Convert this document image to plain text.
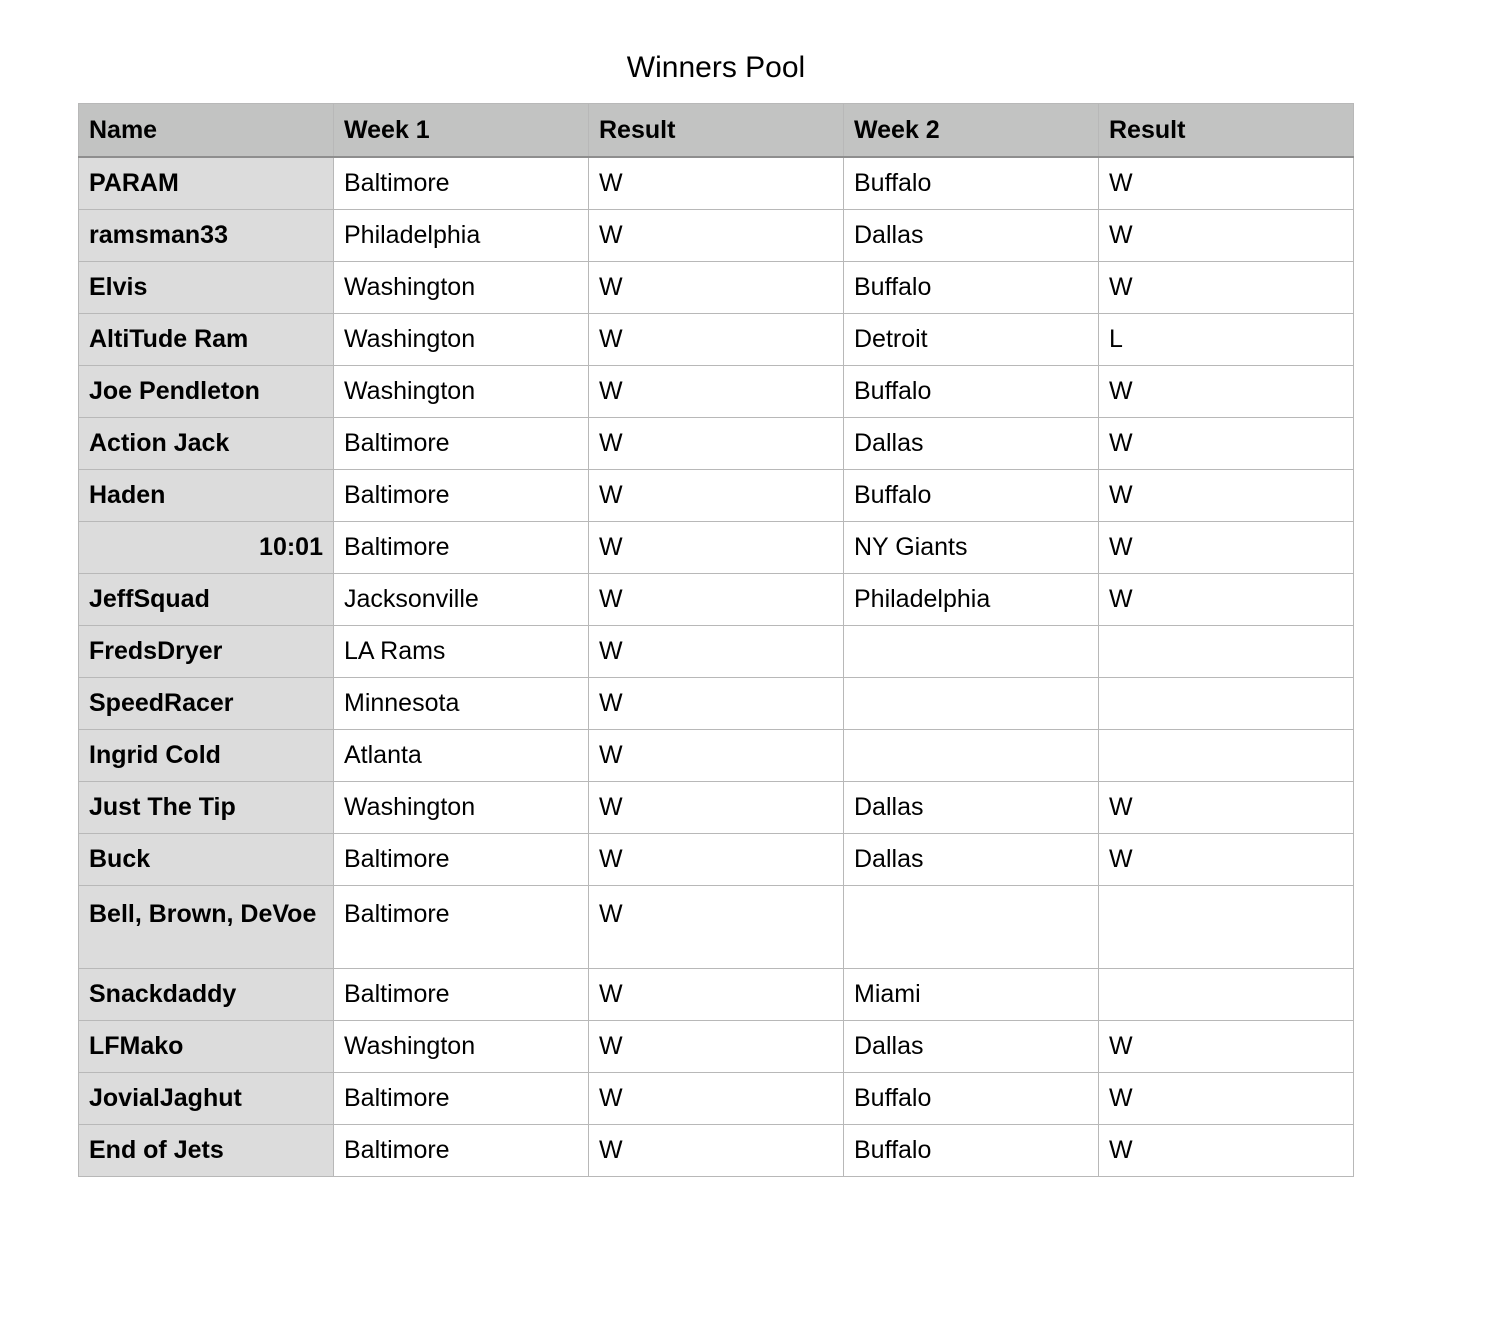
Winners Pool
Name	Week 1	Result	Week 2	Result
PARAM	Baltimore	W	Buffalo	W
ramsman33	Philadelphia	W	Dallas	W
Elvis	Washington	W	Buffalo	W
AltiTude Ram	Washington	W	Detroit	L
Joe Pendleton	Washington	W	Buffalo	W
Action Jack	Baltimore	W	Dallas	W
Haden	Baltimore	W	Buffalo	W
10:01	Baltimore	W	NY Giants	W
JeffSquad	Jacksonville	W	Philadelphia	W
FredsDryer	LA Rams	W		
SpeedRacer	Minnesota	W		
Ingrid Cold	Atlanta	W		
Just The Tip	Washington	W	Dallas	W
Buck	Baltimore	W	Dallas	W
Bell, Brown, DeVoe	Baltimore	W		
Snackdaddy	Baltimore	W	Miami	
LFMako	Washington	W	Dallas	W
JovialJaghut	Baltimore	W	Buffalo	W
End of Jets	Baltimore	W	Buffalo	W
